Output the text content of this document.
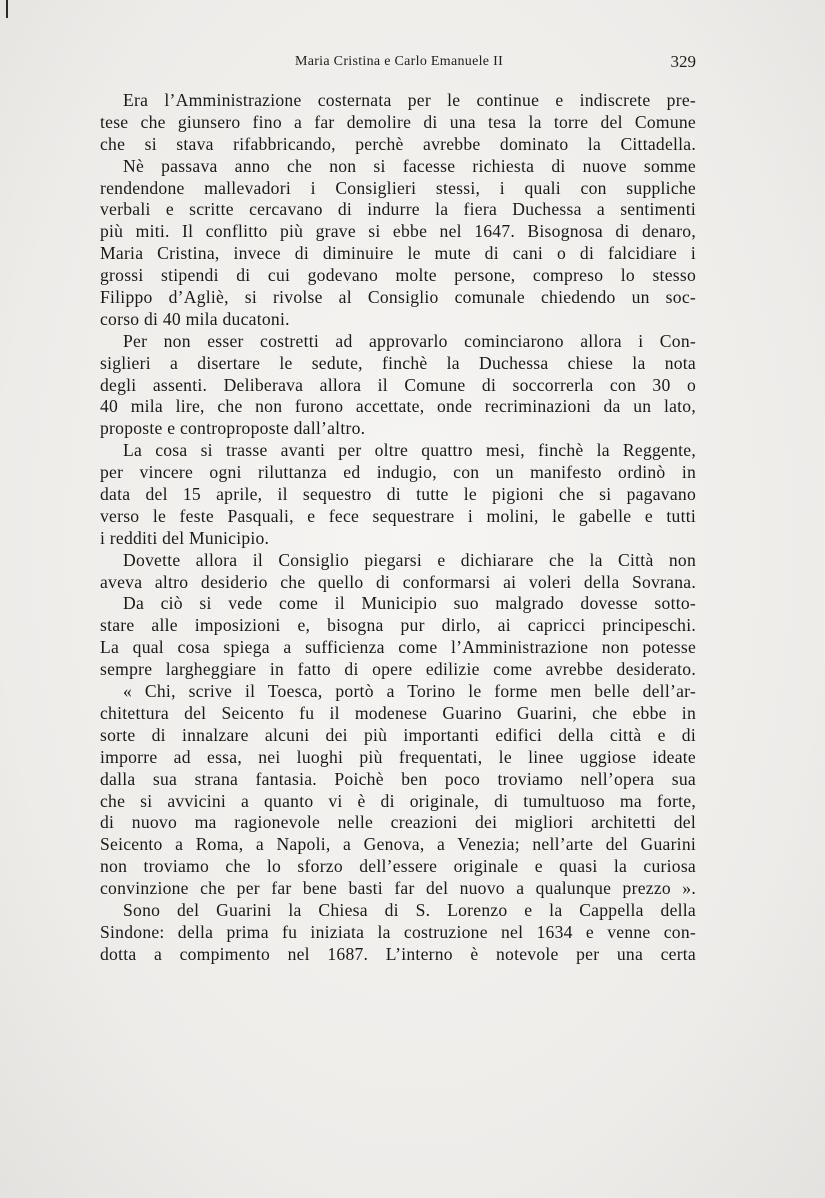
Maria Cristina e Carlo Emanuele II	329
Era l’Amministrazione costernata per le continue e indiscrete pre-
tese che giunsero fino a far demolire di una tesa la torre del Comune
che si stava rifabbricando, perchè avrebbe dominato la Cittadella.
Nè passava anno che non si facesse richiesta di nuove somme
rendendone mallevadori i Consiglieri stessi, i quali con suppliche
verbali e scritte cercavano di indurre la fiera Duchessa a sentimenti
più miti. Il conflitto più grave si ebbe nel 1647. Bisognosa di denaro,
Maria Cristina, invece di diminuire le mute di cani o di falcidiare i
grossi stipendi di cui godevano molte persone, compreso lo stesso
Filippo d’Agliè, si rivolse al Consiglio comunale chiedendo un soc-
corso di 40 mila ducatoni.
Per non esser costretti ad approvarlo cominciarono allora i Con-
siglieri a disertare le sedute, finchè la Duchessa chiese la nota
degli assenti. Deliberava allora il Comune di soccorrerla con 30 o
40 mila lire, che non furono accettate, onde recriminazioni da un lato,
proposte e controproposte dall’altro.
La cosa si trasse avanti per oltre quattro mesi, finchè la Reggente,
per vincere ogni riluttanza ed indugio, con un manifesto ordinò in
data del 15 aprile, il sequestro di tutte le pigioni che si pagavano
verso le feste Pasquali, e fece sequestrare i molini, le gabelle e tutti
i redditi del Municipio.
Dovette allora il Consiglio piegarsi e dichiarare che la Città non
aveva altro desiderio che quello di conformarsi ai voleri della Sovrana.
Da ciò si vede come il Municipio suo malgrado dovesse sotto-
stare alle imposizioni e, bisogna pur dirlo, ai capricci principeschi.
La qual cosa spiega a sufficienza come l’Amministrazione non potesse
sempre largheggiare in fatto di opere edilizie come avrebbe desiderato.
« Chi, scrive il Toesca, portò a Torino le forme men belle dell’ar-
chitettura del Seicento fu il modenese Guarino Guarini, che ebbe in
sorte di innalzare alcuni dei più importanti edifici della città e di
imporre ad essa, nei luoghi più frequentati, le linee uggiose ideate
dalla sua strana fantasia. Poichè ben poco troviamo nell’opera sua
che si avvicini a quanto vi è di originale, di tumultuoso ma forte,
di nuovo ma ragionevole nelle creazioni dei migliori architetti del
Seicento a Roma, a Napoli, a Genova, a Venezia; nell’arte del Guarini
non troviamo che lo sforzo dell’essere originale e quasi la curiosa
convinzione che per far bene basti far del nuovo a qualunque prezzo ».
Sono del Guarini la Chiesa di S. Lorenzo e la Cappella della
Sindone: della prima fu iniziata la costruzione nel 1634 e venne con-
dotta a compimento nel 1687. L’interno è notevole per una certa
